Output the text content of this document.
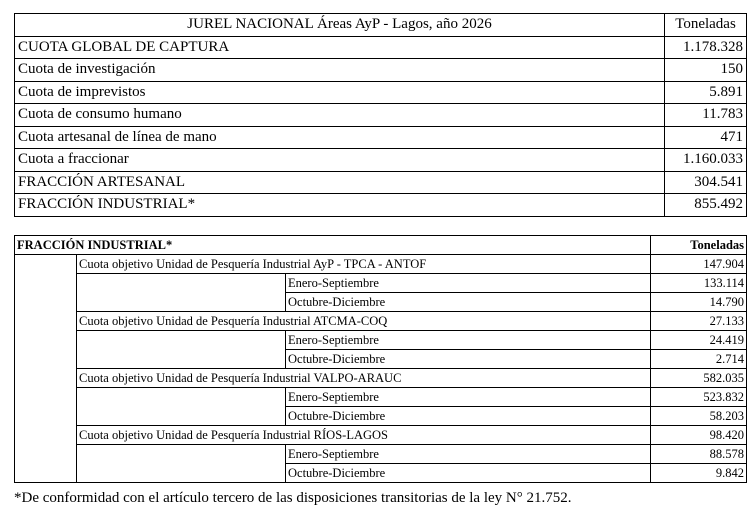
JUREL NACIONAL Áreas AyP - Lagos, año 2026	Toneladas
CUOTA GLOBAL DE CAPTURA	1.178.328
Cuota de investigación	150
Cuota de imprevistos	5.891
Cuota de consumo humano	11.783
Cuota artesanal de línea de mano	471
Cuota a fraccionar	1.160.033
FRACCIÓN ARTESANAL	304.541
FRACCIÓN INDUSTRIAL*	855.492
FRACCIÓN INDUSTRIAL*			Toneladas
	Cuota objetivo Unidad de Pesquería Industrial AyP - TPCA - ANTOF		147.904
		Enero-Septiembre	133.114
		Octubre-Diciembre	14.790
	Cuota objetivo Unidad de Pesquería Industrial ATCMA-COQ		27.133
		Enero-Septiembre	24.419
		Octubre-Diciembre	2.714
	Cuota objetivo Unidad de Pesquería Industrial VALPO-ARAUC		582.035
		Enero-Septiembre	523.832
		Octubre-Diciembre	58.203
	Cuota objetivo Unidad de Pesquería Industrial RÍOS-LAGOS		98.420
		Enero-Septiembre	88.578
		Octubre-Diciembre	9.842
*De conformidad con el artículo tercero de las disposiciones transitorias de la ley N° 21.752.
